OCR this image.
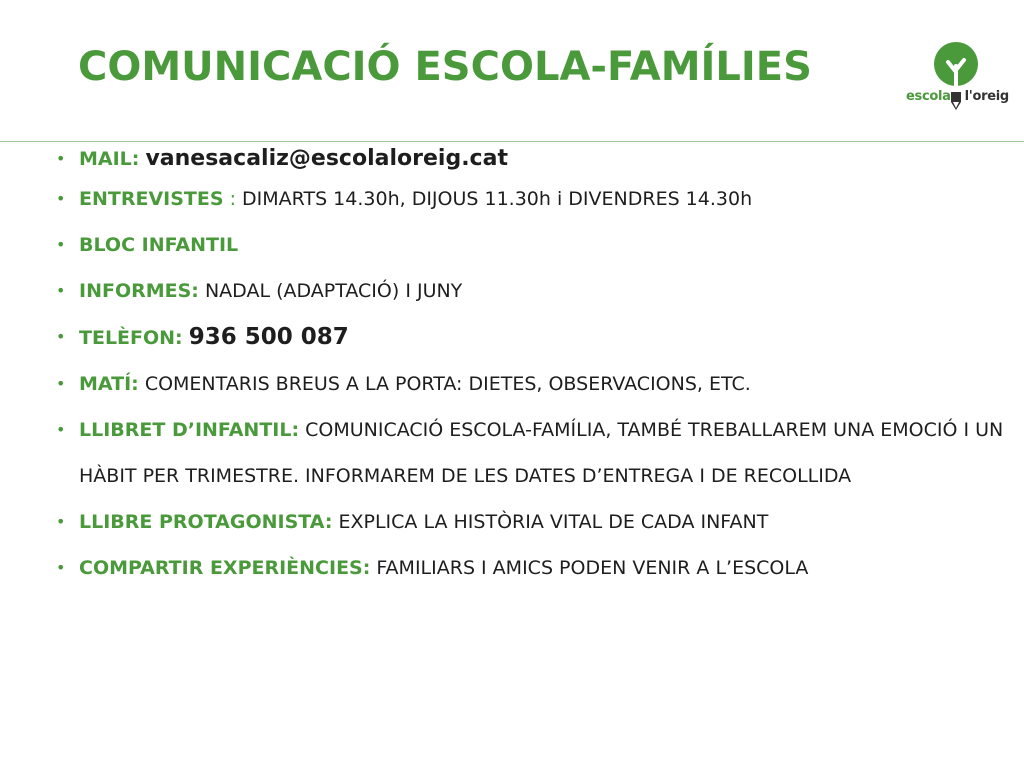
COMUNICACIÓ ESCOLA-FAMÍLIES
escola l'oreig
• MAIL: vanesacaliz@escolaloreig.cat
• ENTREVISTES : DIMARTS 14.30h, DIJOUS 11.30h i DIVENDRES 14.30h
• BLOC INFANTIL
• INFORMES: NADAL (ADAPTACIÓ) I JUNY
• TELÈFON: 936 500 087
• MATÍ: COMENTARIS BREUS A LA PORTA: DIETES, OBSERVACIONS, ETC.
• LLIBRET D’INFANTIL: COMUNICACIÓ ESCOLA-FAMÍLIA, TAMBÉ TREBALLAREM UNA EMOCIÓ I UN HÀBIT PER TRIMESTRE. INFORMAREM DE LES DATES D’ENTREGA I DE RECOLLIDA
• LLIBRE PROTAGONISTA: EXPLICA LA HISTÒRIA VITAL DE CADA INFANT
• COMPARTIR EXPERIÈNCIES: FAMILIARS I AMICS PODEN VENIR A L’ESCOLA
